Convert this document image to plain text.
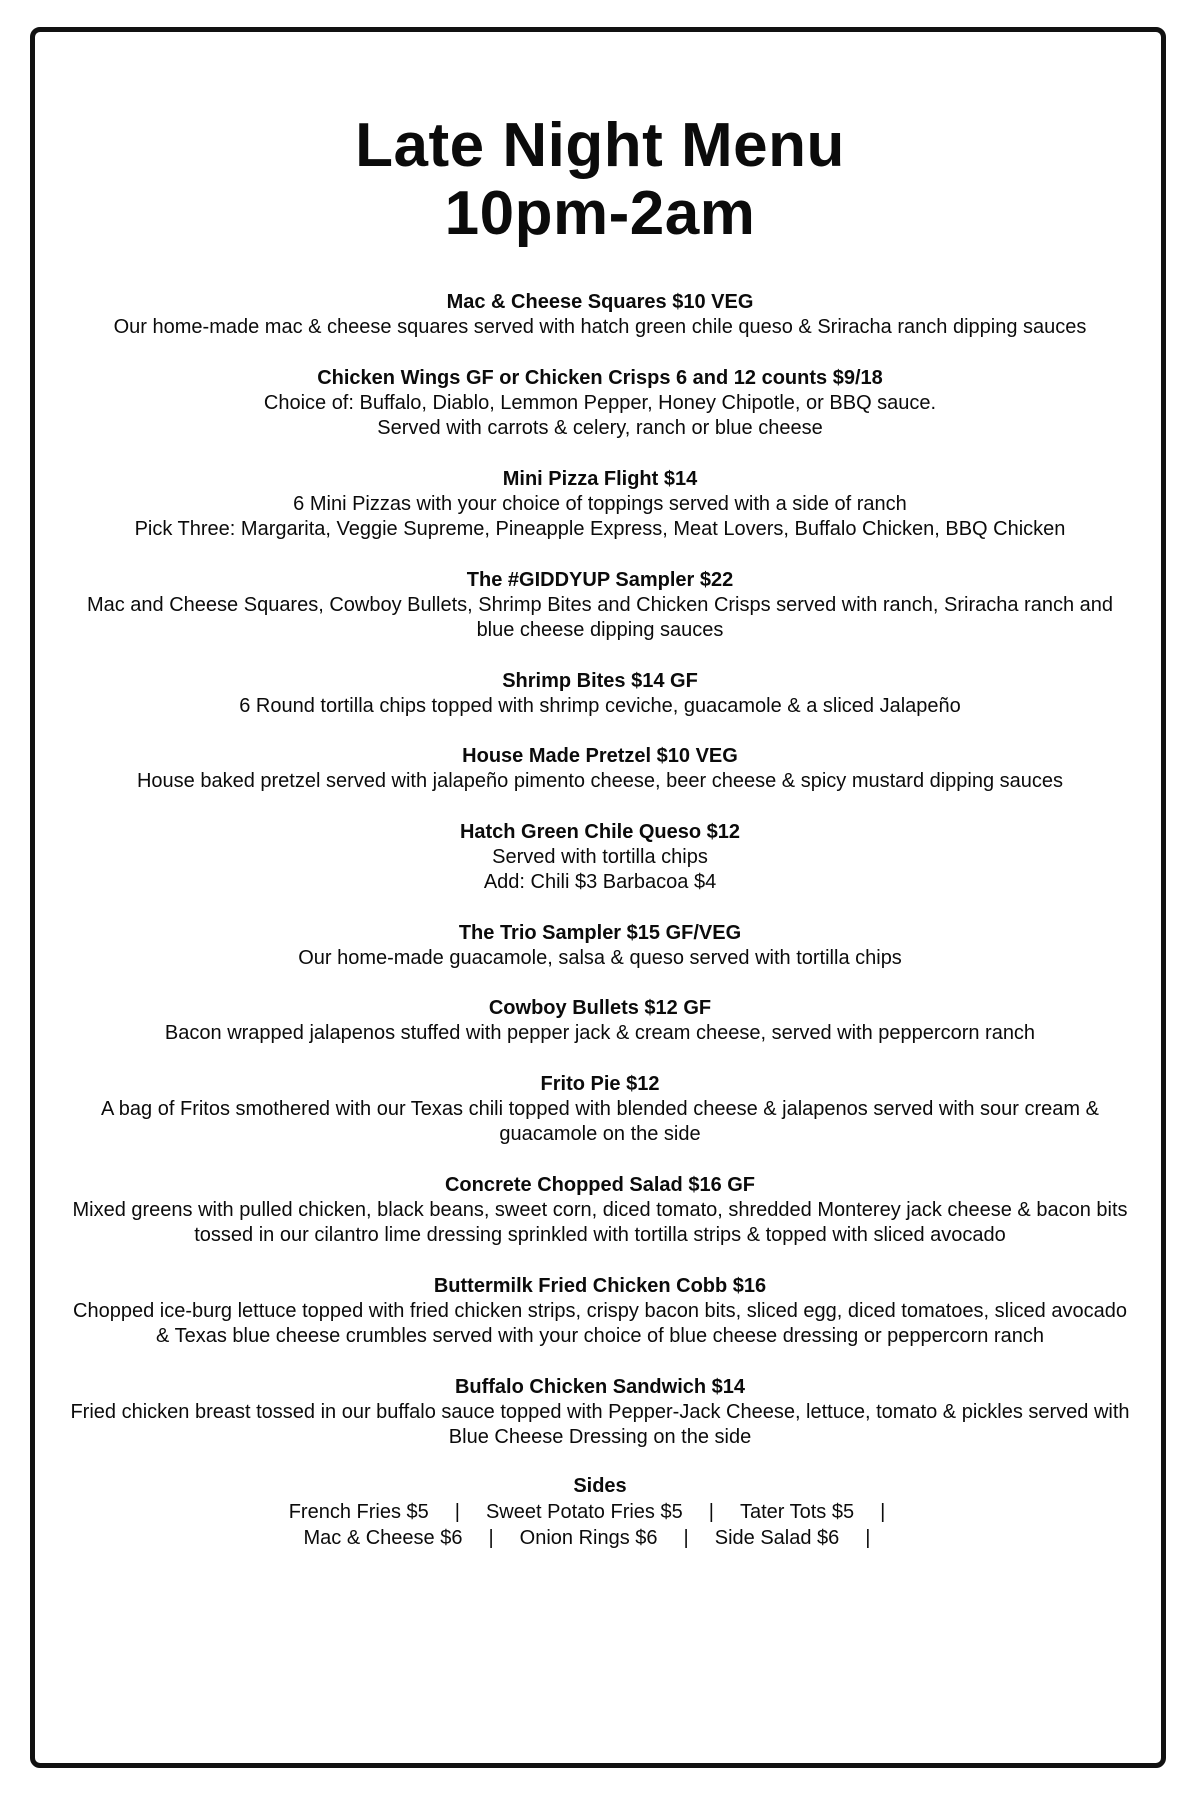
Late Night Menu
10pm-2am
Mac & Cheese Squares $10 VEG
Our home-made mac & cheese squares served with hatch green chile queso & Sriracha ranch dipping sauces
Chicken Wings GF or Chicken Crisps 6 and 12 counts $9/18
Choice of: Buffalo, Diablo, Lemmon Pepper, Honey Chipotle, or BBQ sauce.
Served with carrots & celery, ranch or blue cheese
Mini Pizza Flight $14
6 Mini Pizzas with your choice of toppings served with a side of ranch
Pick Three: Margarita, Veggie Supreme, Pineapple Express, Meat Lovers, Buffalo Chicken, BBQ Chicken
The #GIDDYUP Sampler $22
Mac and Cheese Squares, Cowboy Bullets, Shrimp Bites and Chicken Crisps served with ranch, Sriracha ranch and blue cheese dipping sauces
Shrimp Bites $14 GF
6 Round tortilla chips topped with shrimp ceviche, guacamole & a sliced Jalapeño
House Made Pretzel $10 VEG
House baked pretzel served with jalapeño pimento cheese, beer cheese & spicy mustard dipping sauces
Hatch Green Chile Queso $12
Served with tortilla chips
Add: Chili $3 Barbacoa $4
The Trio Sampler $15 GF/VEG
Our home-made guacamole, salsa & queso served with tortilla chips
Cowboy Bullets $12 GF
Bacon wrapped jalapenos stuffed with pepper jack & cream cheese, served with peppercorn ranch
Frito Pie $12
A bag of Fritos smothered with our Texas chili topped with blended cheese & jalapenos served with sour cream & guacamole on the side
Concrete Chopped Salad $16 GF
Mixed greens with pulled chicken, black beans, sweet corn, diced tomato, shredded Monterey jack cheese & bacon bits tossed in our cilantro lime dressing sprinkled with tortilla strips & topped with sliced avocado
Buttermilk Fried Chicken Cobb $16
Chopped ice-burg lettuce topped with fried chicken strips, crispy bacon bits, sliced egg, diced tomatoes, sliced avocado & Texas blue cheese crumbles served with your choice of blue cheese dressing or peppercorn ranch
Buffalo Chicken Sandwich $14
Fried chicken breast tossed in our buffalo sauce topped with Pepper-Jack Cheese, lettuce, tomato & pickles served with Blue Cheese Dressing on the side
Sides
French Fries $5 | Sweet Potato Fries $5 | Tater Tots $5 |
Mac & Cheese $6 | Onion Rings $6 | Side Salad $6 |
